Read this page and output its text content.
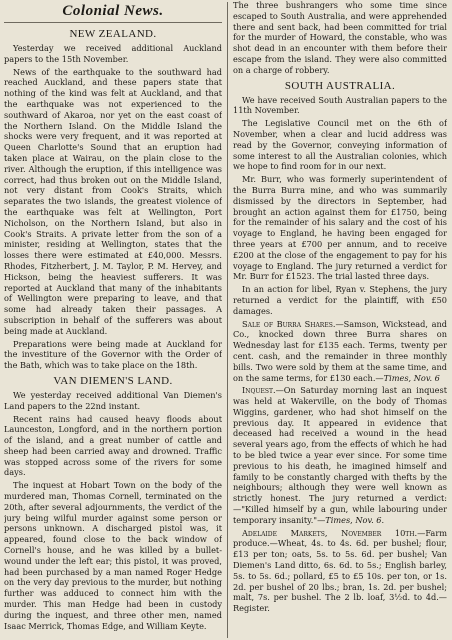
Colonial News.
NEW ZEALAND.

Yesterday we received additional Auckland papers to the 15th November.

News of the earthquake to the southward had reached Auckland, and these papers state that nothing of the kind was felt at Auckland, and that the earthquake was not experienced to the southward of Akaroa, nor yet on the east coast of the Northern Island. On the Middle Island the shocks were very frequent, and it was reported at Queen Charlotte's Sound that an eruption had taken place at Wairau, on the plain close to the river. Although the eruption, if this intelligence was correct, had thus broken out on the Middle Island, not very distant from Cook's Straits, which separates the two islands, the greatest violence of the earthquake was felt at Wellington, Port Nicholson, on the Northern Island, but also in Cook's Straits. A private letter from the son of a minister, residing at Wellington, states that the losses there were estimated at £40,000. Messrs. Rhodes, Fitzherbert, J. M. Taylor, P. M. Hervey, and Hickson, being the heaviest sufferers. It was reported at Auckland that many of the inhabitants of Wellington were preparing to leave, and that some had already taken their passages. A subscription in behalf of the sufferers was about being made at Auckland.

Preparations were being made at Auckland for the investiture of the Governor with the Order of the Bath, which was to take place on the 18th.

VAN DIEMEN'S LAND.

We yesterday received additional Van Diemen's Land papers to the 22nd instant.

Recent rains had caused heavy floods about Launceston, Longford, and in the northern portion of the island, and a great number of cattle and sheep had been carried away and drowned. Traffic was stopped across some of the rivers for some days.

The inquest at Hobart Town on the body of the murdered man, Thomas Cornell, terminated on the 20th, after several adjournments, the verdict of the jury being wilful murder against some person or persons unknown. A discharged pistol was, it appeared, found close to the back window of Cornell's house, and he was killed by a bullet-wound under the left ear; this pistol, it was proved, had been purchased by a man named Roger Hedge on the very day previous to the murder, but nothing further was adduced to connect him with the murder. This man Hedge had been in custody during the inquest, and three other men, named Isaac Merrick, Thomas Edge, and William Keyte.

The three bushrangers who some time since escaped to South Australia, and were apprehended there and sent back, had been committed for trial for the murder of Howard, the constable, who was shot dead in an encounter with them before their escape from the island. They were also committed on a charge of robbery.

SOUTH AUSTRALIA.

We have received South Australian papers to the 11th November.

The Legislative Council met on the 6th of November, when a clear and lucid address was read by the Governor, conveying information of some interest to all the Australian colonies, which we hope to find room for in our next.

Mr. Burr, who was formerly superintendent of the Burra Burra mine, and who was summarily dismissed by the directors in September, had brought an action against them for £1750, being for the remainder of his salary and the cost of his voyage to England, he having been engaged for three years at £700 per annum, and to receive £200 at the close of the engagement to pay for his voyage to England. The jury returned a verdict for Mr. Burr for £1523. The trial lasted three days.

In an action for libel, Ryan v. Stephens, the jury returned a verdict for the plaintiff, with £50 damages.

Sale of Burra Shares.—Samson, Wickstead, and Co., knocked down three Burra shares on Wednesday last for £135 each. Terms, twenty per cent. cash, and the remainder in three monthly bills. Two were sold by them at the same time, and on the same terms, for £130 each.—Times, Nov. 6

Inquest.—On Saturday morning last an inquest was held at Wakerville, on the body of Thomas Wiggins, gardener, who had shot himself on the previous day. It appeared in evidence that deceased had received a wound in the head several years ago, from the effects of which he had to be bled twice a year ever since. For some time previous to his death, he imagined himself and family to be constantly charged with thefts by the neighbours; although they were well known as strictly honest. The jury returned a verdict:—"Killed himself by a gun, while labouring under temporary insanity."—Times, Nov. 6.

Adelaide Markets, November 10th.—Farm produce.—Wheat, 4s. to 4s. 6d. per bushel; flour, £13 per ton; oats, 5s. to 5s. 6d. per bushel; Van Diemen's Land ditto, 6s. 6d. to 5s.; English barley, 5s. to 5s. 6d.; pollard, £5 to £5 10s. per ton, or 1s. 2d. per bushel of 20 lbs.; bran, 1s. 2d. per bushel; malt, 7s. per bushel. The 2 lb. loaf, 3½d. to 4d.—Register.
